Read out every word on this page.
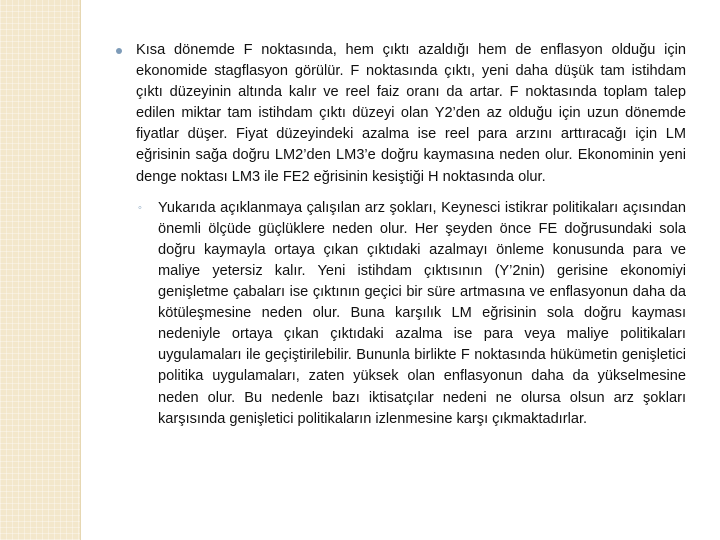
Kısa dönemde F noktasında, hem çıktı azaldığı hem de enflasyon olduğu için ekonomide stagflasyon görülür. F noktasında çıktı, yeni daha düşük tam istihdam çıktı düzeyinin altında kalır ve reel faiz oranı da artar. F noktasında toplam talep edilen miktar tam istihdam çıktı düzeyi olan Y2’den az olduğu için uzun dönemde fiyatlar düşer. Fiyat düzeyindeki azalma ise reel para arzını arttıracağı için LM eğrisinin sağa doğru LM2’den LM3’e doğru kaymasına neden olur. Ekonominin yeni denge noktası LM3 ile FE2 eğrisinin kesiştiği H noktasında olur.
◦ Yukarıda açıklanmaya çalışılan arz şokları, Keynesci istikrar politikaları açısından önemli ölçüde güçlüklere neden olur. Her şeyden önce FE doğrusundaki sola doğru kaymayla ortaya çıkan çıktıdaki azalmayı önleme konusunda para ve maliye yetersiz kalır. Yeni istihdam çıktısının (Y’2nin) gerisine ekonomiyi genişletme çabaları ise çıktının geçici bir süre artmasına ve enflasyonun daha da kötüleşmesine neden olur. Buna karşılık LM eğrisinin sola doğru kayması nedeniyle ortaya çıkan çıktıdaki azalma ise para veya maliye politikaları uygulamaları ile geçiştirilebilir. Bununla birlikte F noktasında hükümetin genişletici politika uygulamaları, zaten yüksek olan enflasyonun daha da yükselmesine neden olur. Bu nedenle bazı iktisatçılar nedeni ne olursa olsun arz şokları karşısında genişletici politikaların izlenmesine karşı çıkmaktadırlar.
